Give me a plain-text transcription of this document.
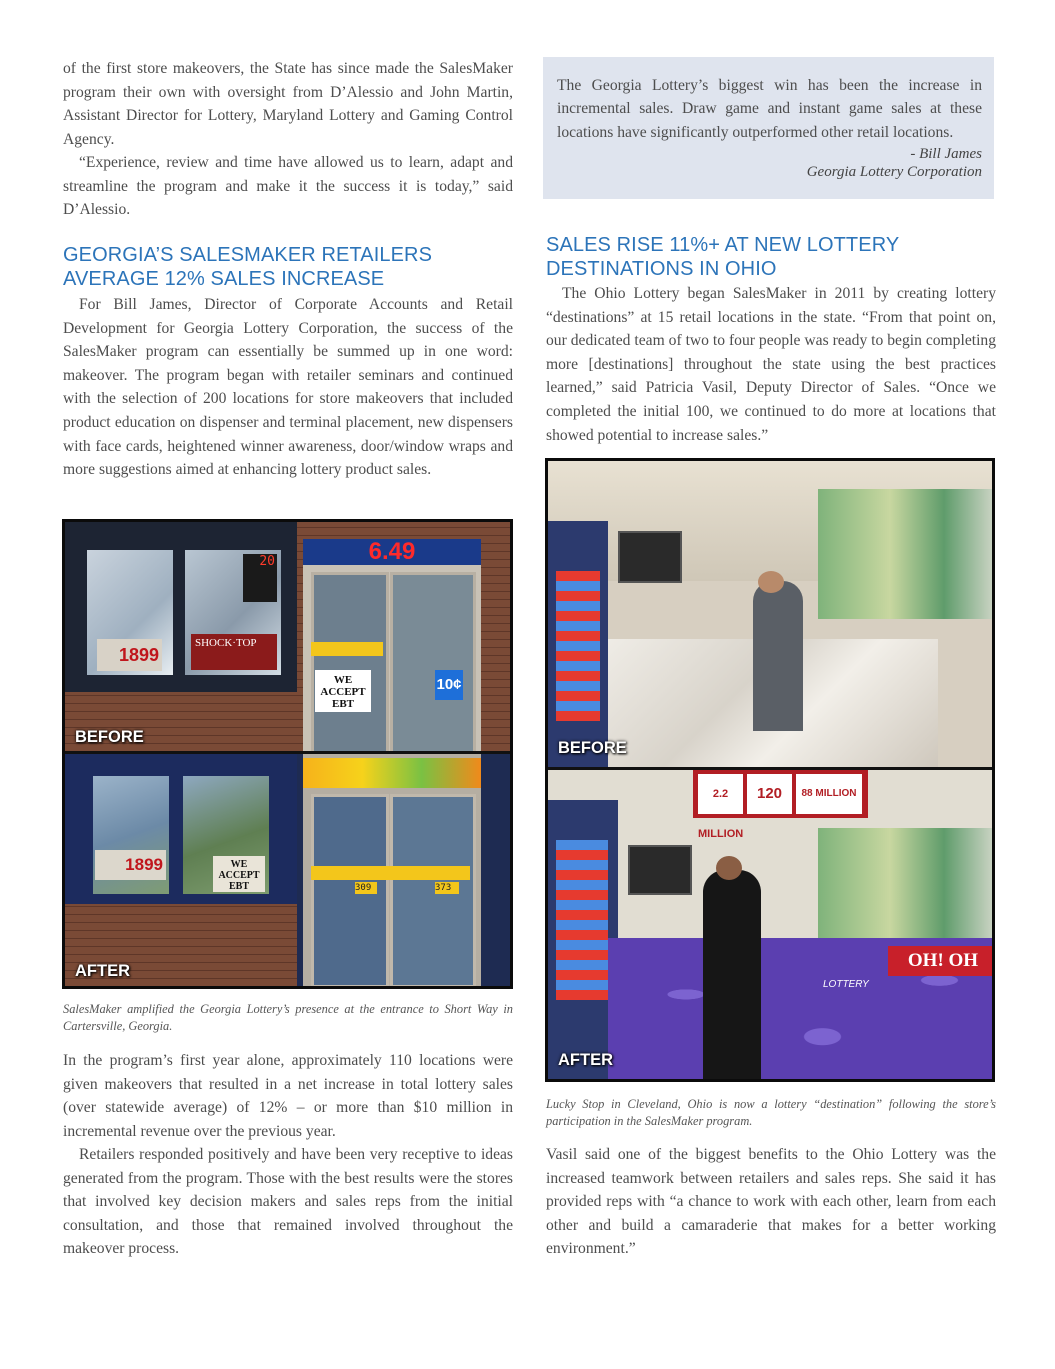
of the first store makeovers, the State has since made the SalesMaker program their own with oversight from D’Alessio and John Martin, Assistant Director for Lottery, Maryland Lottery and Gaming Control Agency.

“Experience, review and time have allowed us to learn, adapt and streamline the program and make it the success it is today,” said D’Alessio.

GEORGIA’S SALESMAKER RETAILERS AVERAGE 12% SALES INCREASE

For Bill James, Director of Corporate Accounts and Retail Development for Georgia Lottery Corporation, the success of the SalesMaker program can essentially be summed up in one word: makeover. The program began with retailer seminars and continued with the selection of 200 locations for store makeovers that included product education on dispenser and terminal placement, new dispensers with face cards, heightened winner awareness, door/window wraps and more suggestions aimed at enhancing lottery product sales.

20
1899
SHOCK·TOP
6.49
WE ACCEPT EBT
10¢
BEFORE
1899	WE ACCEPT EBT	309	373
AFTER

SalesMaker amplified the Georgia Lottery’s presence at the entrance to Short Way in Cartersville, Georgia.

In the program’s first year alone, approximately 110 locations were given makeovers that resulted in a net increase in total lottery sales (over statewide average) of 12% – or more than $10 million in incremental revenue over the previous year.

Retailers responded positively and have been very receptive to ideas generated from the program. Those with the best results were the stores that involved key decision makers and sales reps from the initial consultation, and those that remained involved throughout the makeover process.

The Georgia Lottery’s biggest win has been the increase in incremental sales. Draw game and instant game sales at these locations have significantly outperformed other retail locations.

- Bill James

Georgia Lottery Corporation

SALES RISE 11%+ AT NEW LOTTERY DESTINATIONS IN OHIO

The Ohio Lottery began SalesMaker in 2011 by creating lottery “destinations” at 15 retail locations in the state. “From that point on, our dedicated team of two to four people was ready to begin completing more [destinations] throughout the state using the best practices learned,” said Patricia Vasil, Deputy Director of Sales. “Once we completed the initial 100, we continued to do more at locations that showed potential to increase sales.”

BEFORE
2.2 MILLION
120	88 MILLION
OH! OH
LOTTERY
AFTER

Lucky Stop in Cleveland, Ohio is now a lottery “destination” following the store’s participation in the SalesMaker program.

Vasil said one of the biggest benefits to the Ohio Lottery was the increased teamwork between retailers and sales reps. She said it has provided reps with “a chance to work with each other, learn from each other and build a camaraderie that makes for a better working environment.”
